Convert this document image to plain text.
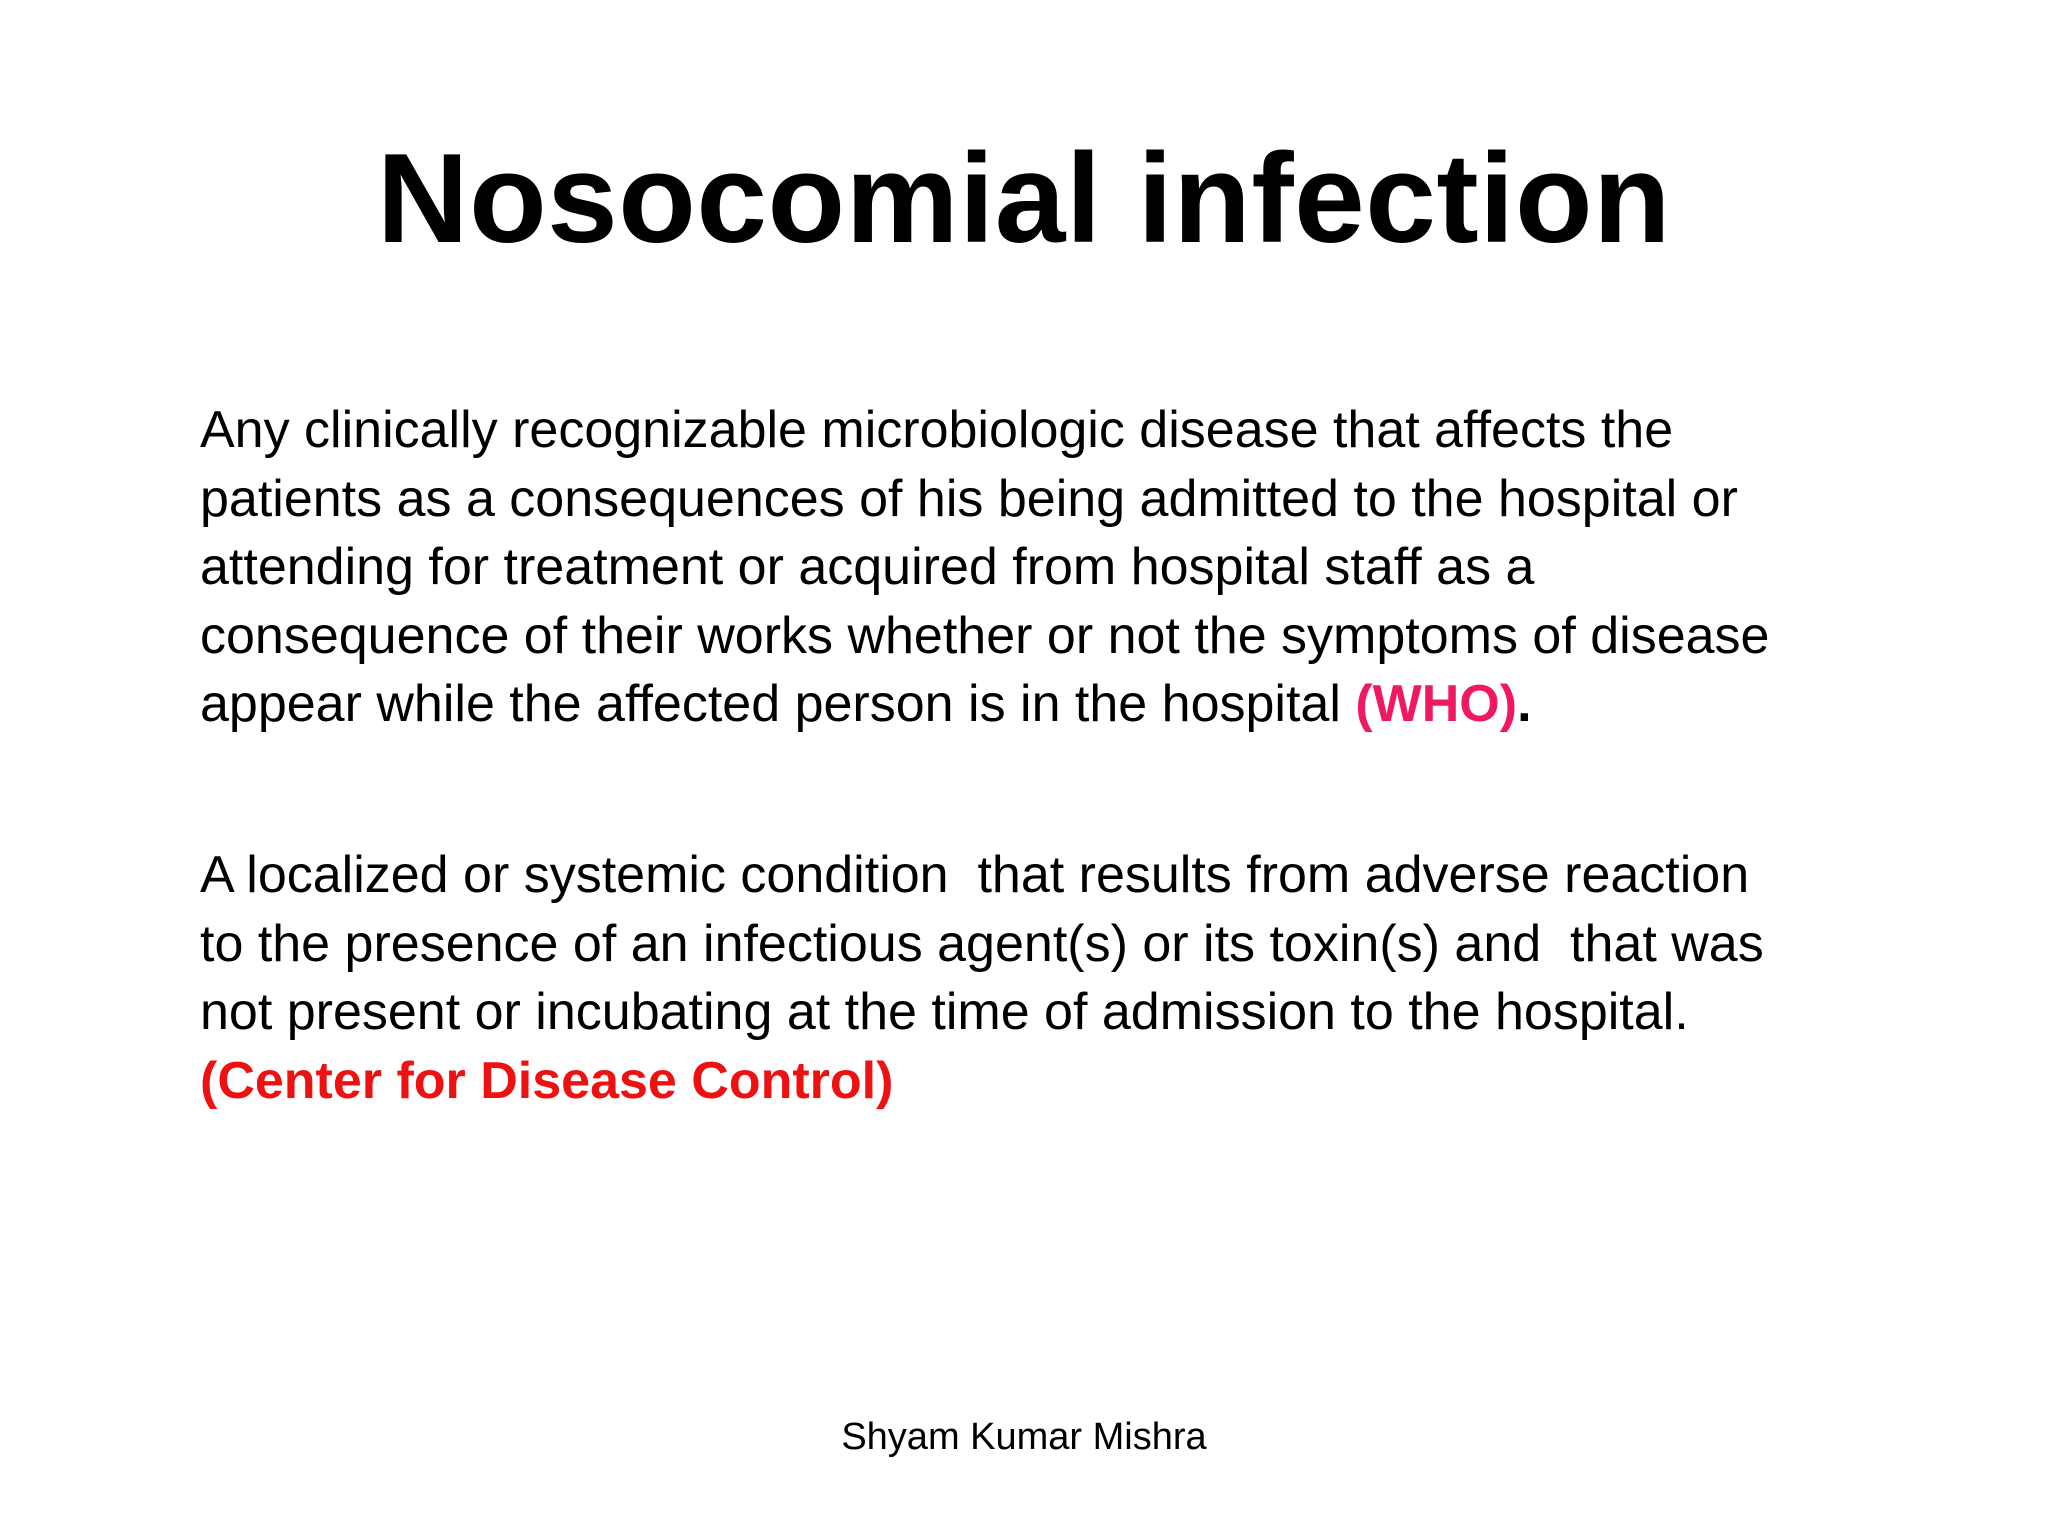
Nosocomial infection
Any clinically recognizable microbiologic disease that affects the
patients as a consequences of his being admitted to the hospital or
attending for treatment or acquired from hospital staff as a
consequence of their works whether or not the symptoms of disease
appear while the affected person is in the hospital (WHO).
A localized or systemic condition  that results from adverse reaction
to the presence of an infectious agent(s) or its toxin(s) and  that was
not present or incubating at the time of admission to the hospital.
(Center for Disease Control)
Shyam Kumar Mishra
